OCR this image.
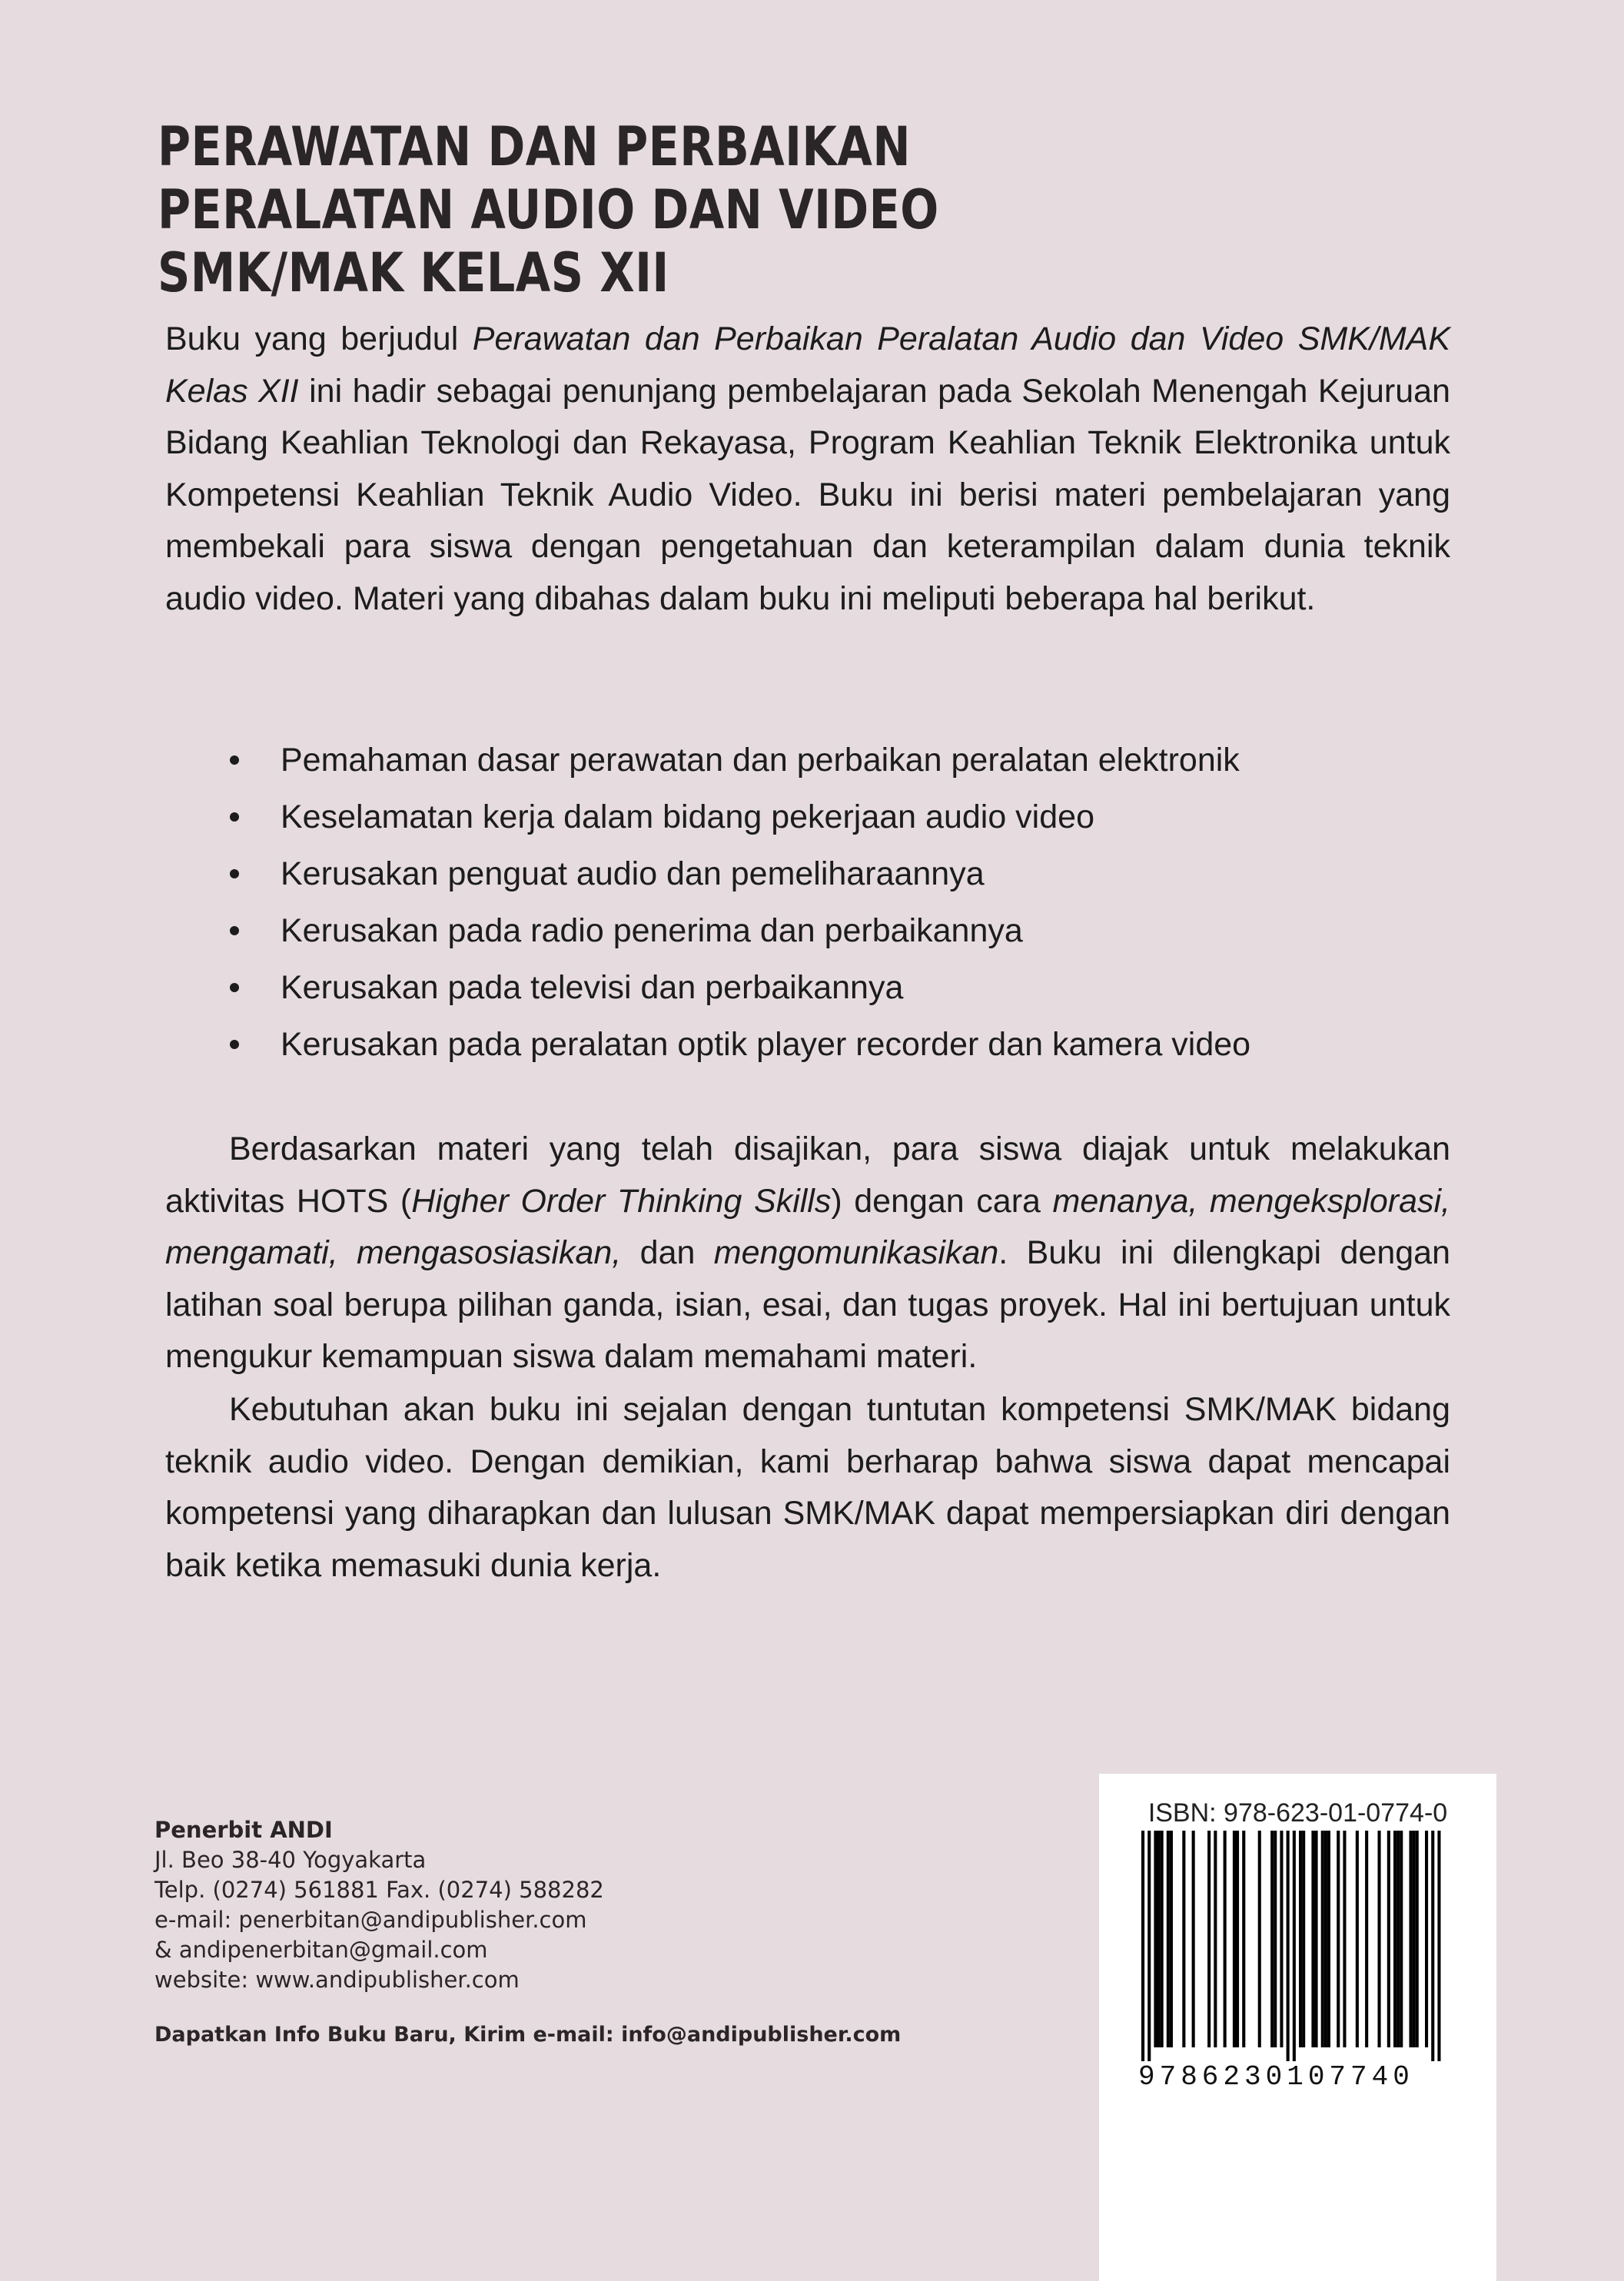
PERAWATAN DAN PERBAIKAN
PERALATAN AUDIO DAN VIDEO
SMK/MAK KELAS XII

Buku yang berjudul Perawatan dan Perbaikan Peralatan Audio dan Video SMK/MAK Kelas XII ini hadir sebagai penunjang pembelajaran pada Sekolah Menengah Kejuruan Bidang Keahlian Teknologi dan Rekayasa, Program Keahlian Teknik Elektronika untuk Kompetensi Keahlian Teknik Audio Video. Buku ini berisi materi pembelajaran yang membekali para siswa dengan pengetahuan dan keterampilan dalam dunia teknik audio video. Materi yang dibahas dalam buku ini meliputi beberapa hal berikut.

Pemahaman dasar perawatan dan perbaikan peralatan elektronik
Keselamatan kerja dalam bidang pekerjaan audio video
Kerusakan penguat audio dan pemeliharaannya
Kerusakan pada radio penerima dan perbaikannya
Kerusakan pada televisi dan perbaikannya
Kerusakan pada peralatan optik player recorder dan kamera video

Berdasarkan materi yang telah disajikan, para siswa diajak untuk melakukan aktivitas HOTS (Higher Order Thinking Skills) dengan cara menanya, mengeksplorasi, mengamati, mengasosiasikan, dan mengomunikasikan. Buku ini dilengkapi dengan latihan soal berupa pilihan ganda, isian, esai, dan tugas proyek. Hal ini bertujuan untuk mengukur kemampuan siswa dalam memahami materi.

Kebutuhan akan buku ini sejalan dengan tuntutan kompetensi SMK/MAK bidang teknik audio video. Dengan demikian, kami berharap bahwa siswa dapat mencapai kompetensi yang diharapkan dan lulusan SMK/MAK dapat mempersiapkan diri dengan baik ketika memasuki dunia kerja.

Penerbit ANDI
Jl. Beo 38-40 Yogyakarta
Telp. (0274) 561881 Fax. (0274) 588282
e-mail: penerbitan@andipublisher.com
& andipenerbitan@gmail.com
website: www.andipublisher.com
Dapatkan Info Buku Baru, Kirim e-mail: info@andipublisher.com
ISBN: 978-623-01-0774-0
9786230107740
